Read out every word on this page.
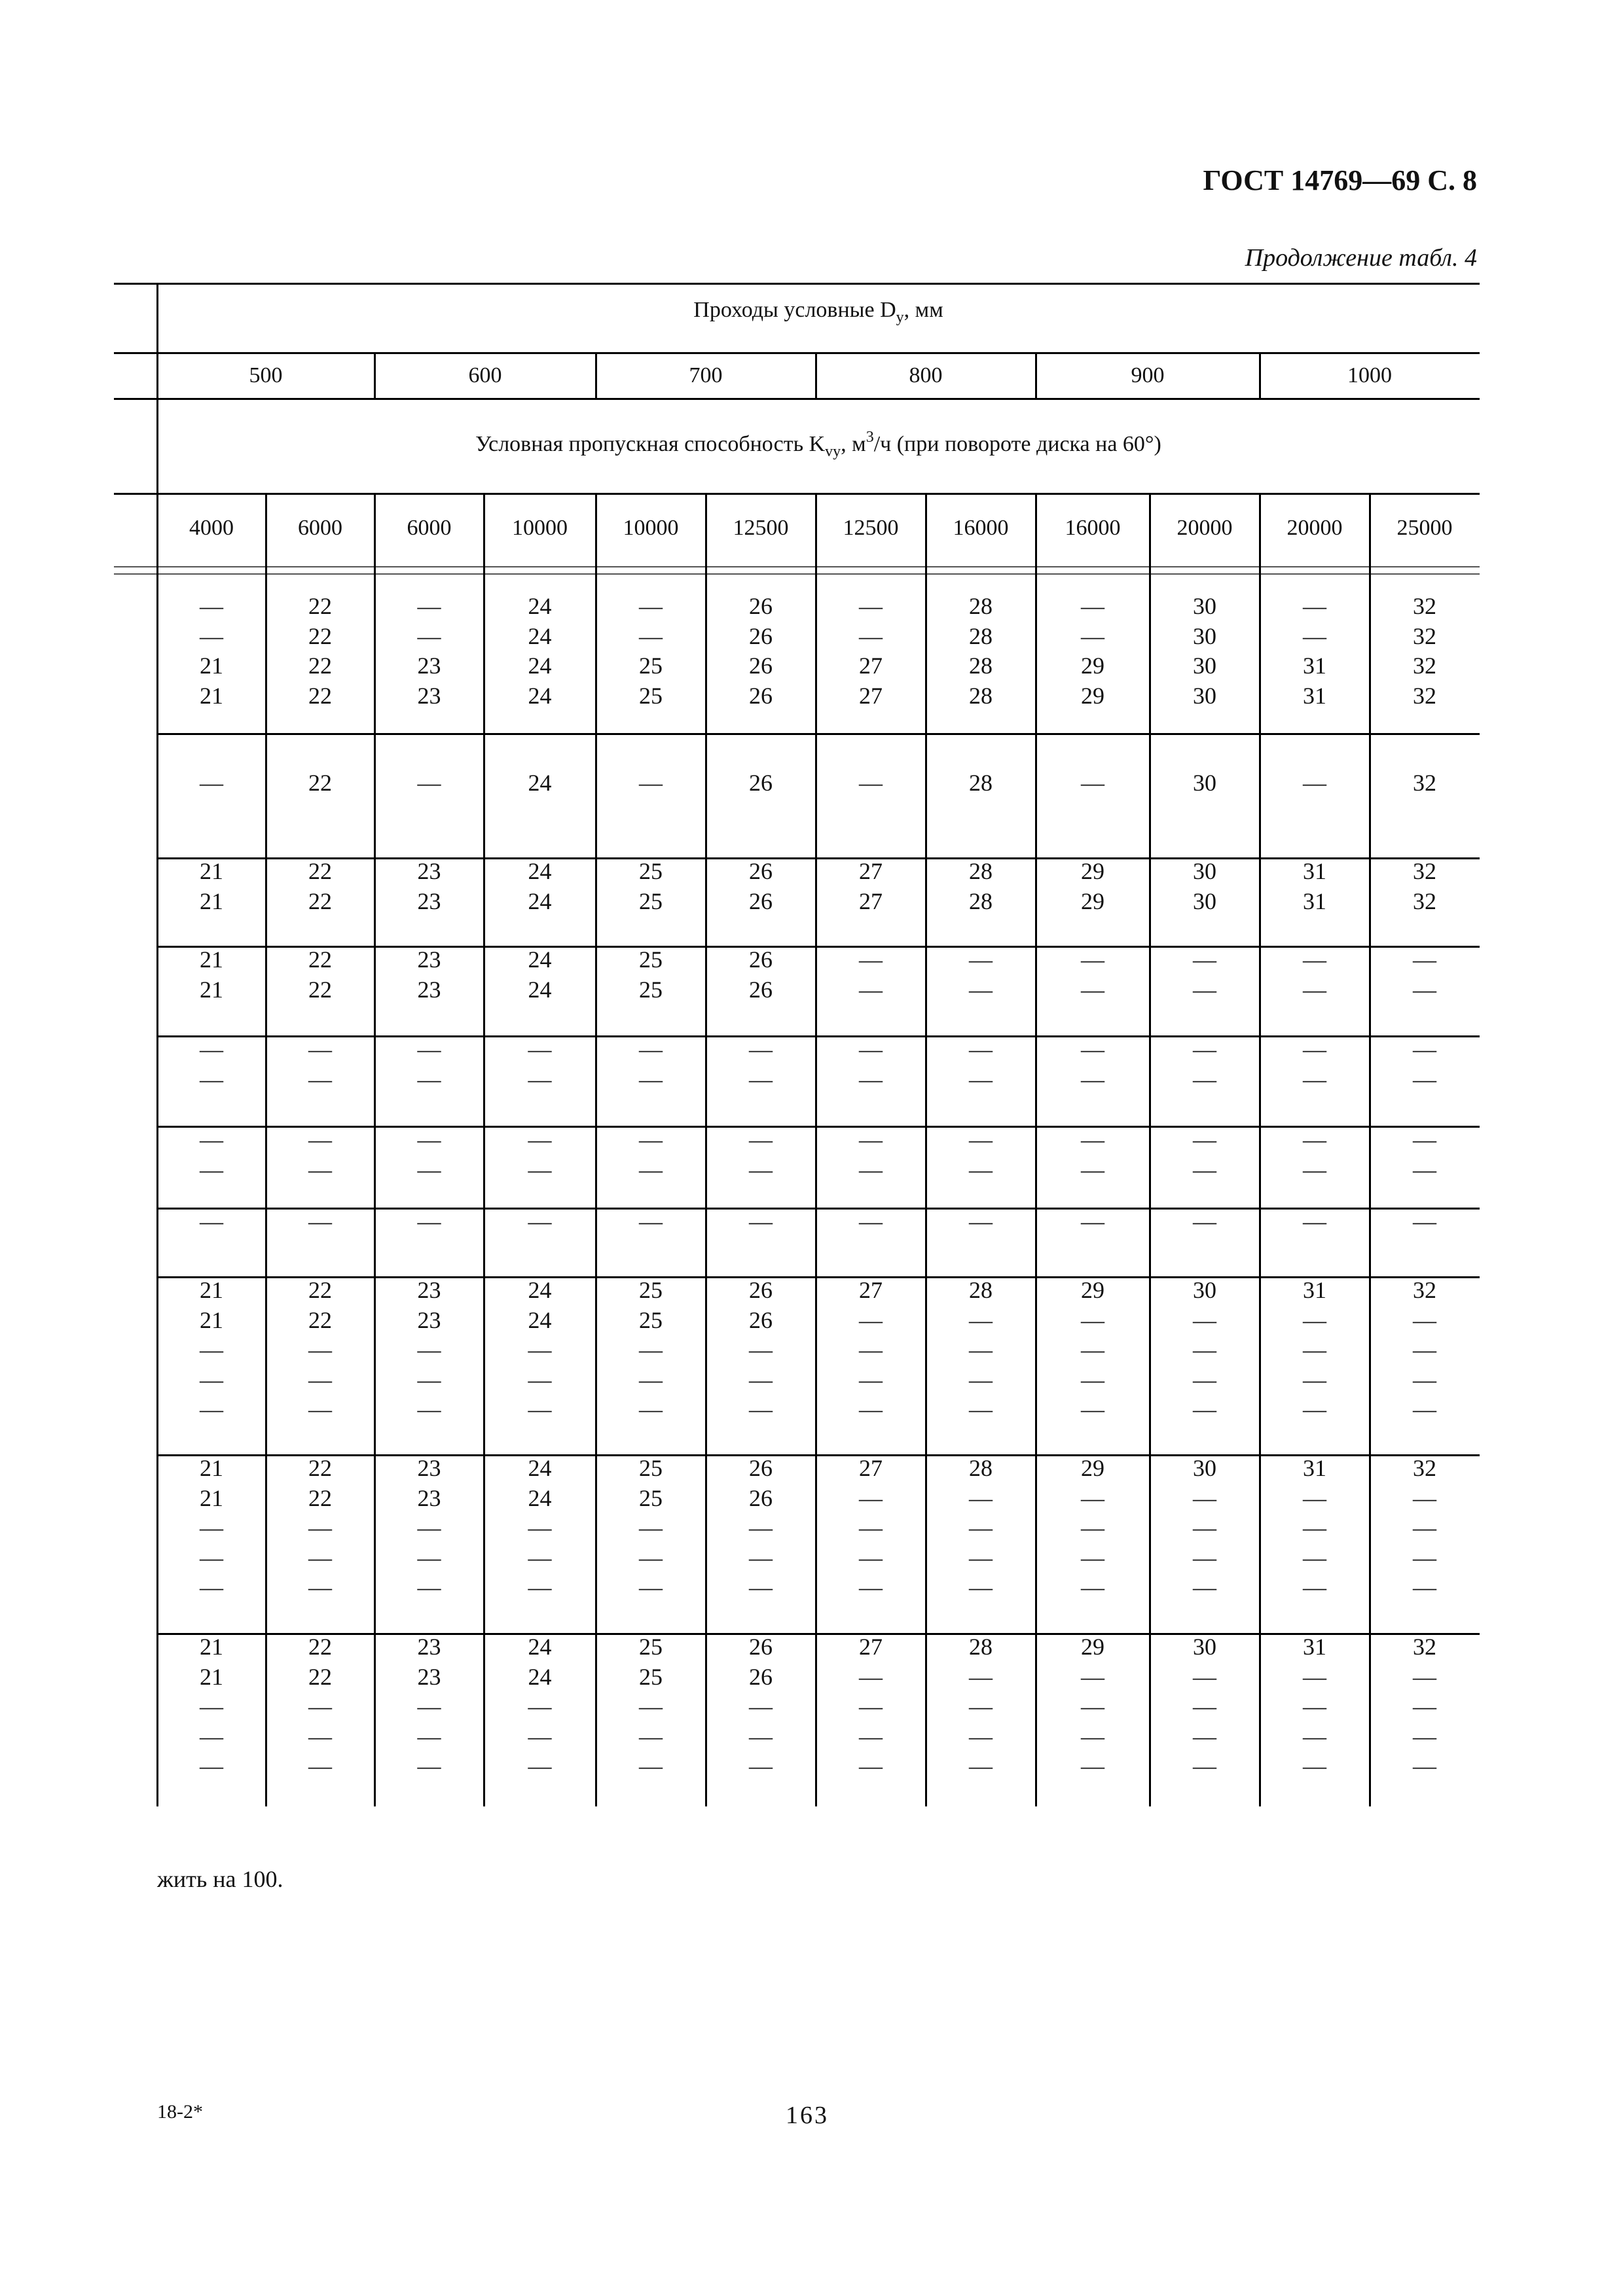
ГОСТ 14769—69 С. 8
Продолжение табл. 4
Проходы условные $D_у$, мм
500	600	700	800	900	1000
Условная пропускная способность $K_{vy}$, $м^3/ч$ (при повороте диска на 60°)
4000	6000	6000	10000	10000	12500	12500	16000	16000	20000	20000	25000
—	22	—	24	—	26	—	28	—	30	—	32
—	22	—	24	—	26	—	28	—	30	—	32
21	22	23	24	25	26	27	28	29	30	31	32
21	22	23	24	25	26	27	28	29	30	31	32
—	22	—	24	—	26	—	28	—	30	—	32
21	22	23	24	25	26	27	28	29	30	31	32
21	22	23	24	25	26	27	28	29	30	31	32
21	22	23	24	25	26	—	—	—	—	—	—
21	22	23	24	25	26	—	—	—	—	—	—
—	—	—	—	—	—	—	—	—	—	—	—
—	—	—	—	—	—	—	—	—	—	—	—
—	—	—	—	—	—	—	—	—	—	—	—
—	—	—	—	—	—	—	—	—	—	—	—
—	—	—	—	—	—	—	—	—	—	—	—
21	22	23	24	25	26	27	28	29	30	31	32
21	22	23	24	25	26	—	—	—	—	—	—
—	—	—	—	—	—	—	—	—	—	—	—
—	—	—	—	—	—	—	—	—	—	—	—
—	—	—	—	—	—	—	—	—	—	—	—
21	22	23	24	25	26	27	28	29	30	31	32
21	22	23	24	25	26	—	—	—	—	—	—
—	—	—	—	—	—	—	—	—	—	—	—
—	—	—	—	—	—	—	—	—	—	—	—
—	—	—	—	—	—	—	—	—	—	—	—
21	22	23	24	25	26	27	28	29	30	31	32
21	22	23	24	25	26	—	—	—	—	—	—
—	—	—	—	—	—	—	—	—	—	—	—
—	—	—	—	—	—	—	—	—	—	—	—
—	—	—	—	—	—	—	—	—	—	—	—
жить на 100.
18-2*	163
